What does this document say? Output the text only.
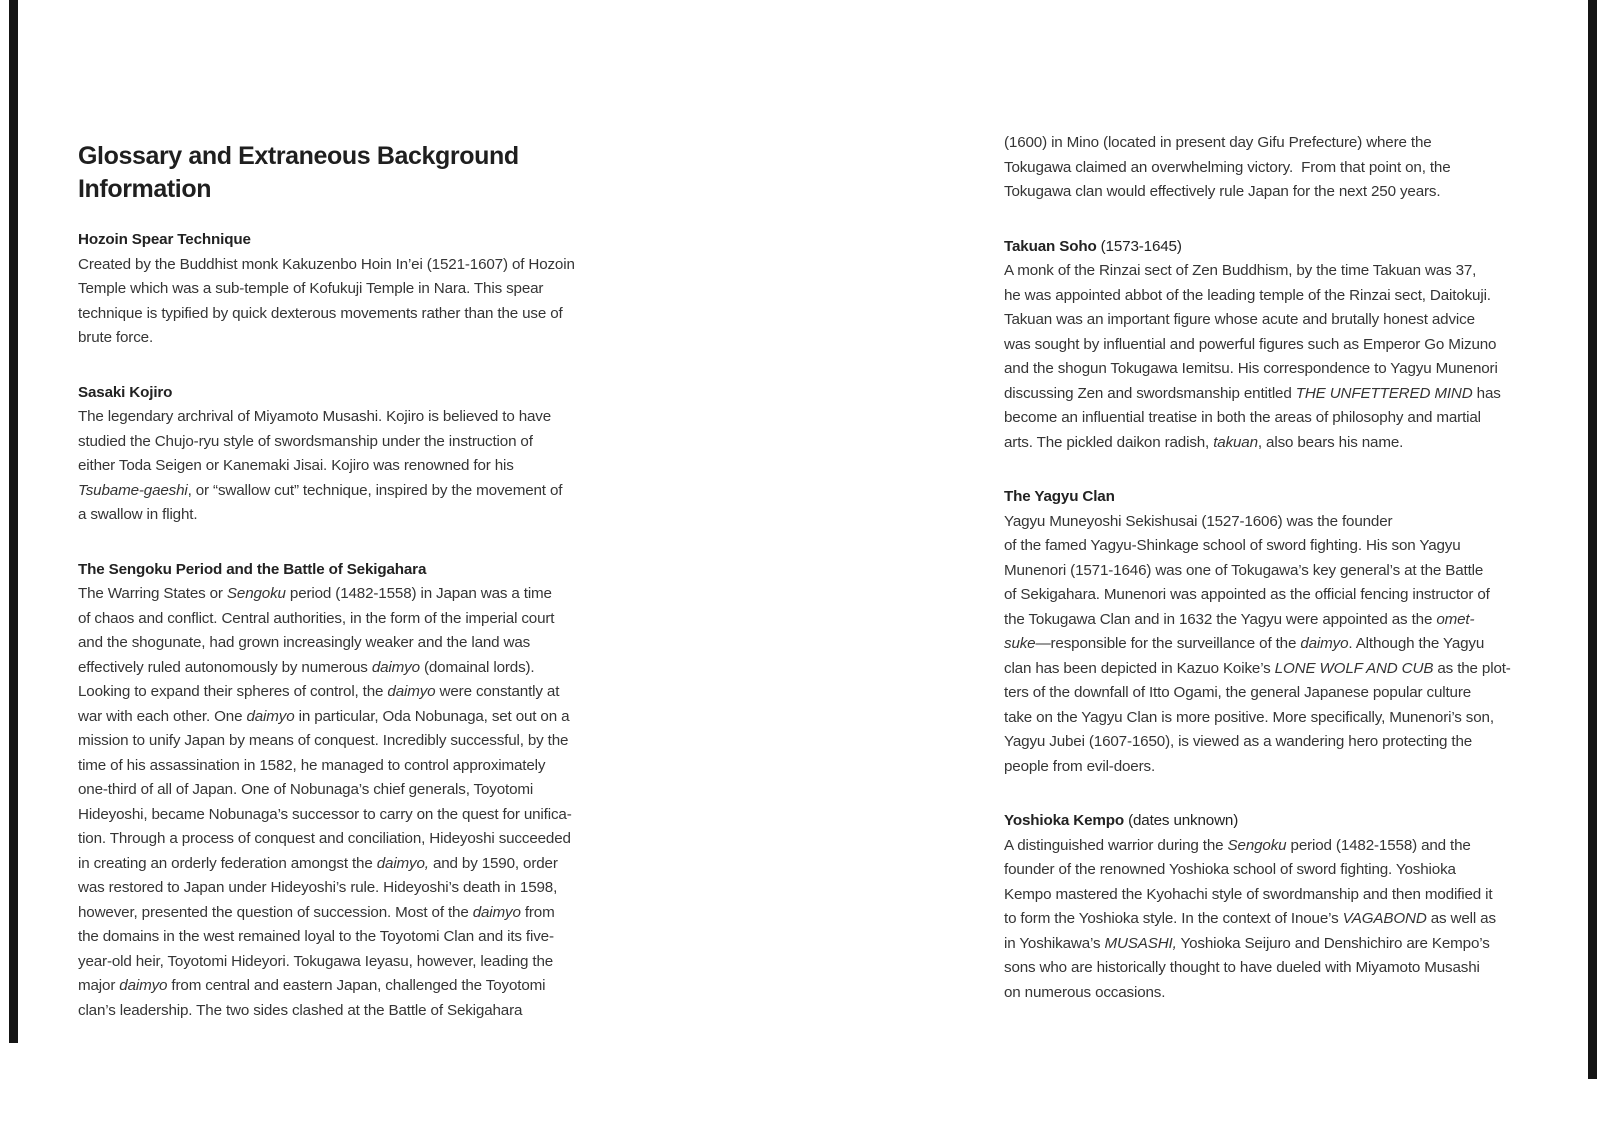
Glossary and Extraneous Background
Information
Hozoin Spear Technique
Created by the Buddhist monk Kakuzenbo Hoin In’ei (1521-1607) of Hozoin
Temple which was a sub-temple of Kofukuji Temple in Nara. This spear
technique is typified by quick dexterous movements rather than the use of
brute force.
Sasaki Kojiro
The legendary archrival of Miyamoto Musashi. Kojiro is believed to have
studied the Chujo-ryu style of swordsmanship under the instruction of
either Toda Seigen or Kanemaki Jisai. Kojiro was renowned for his
Tsubame-gaeshi, or “swallow cut” technique, inspired by the movement of
a swallow in flight.
The Sengoku Period and the Battle of Sekigahara
The Warring States or Sengoku period (1482-1558) in Japan was a time
of chaos and conflict. Central authorities, in the form of the imperial court
and the shogunate, had grown increasingly weaker and the land was
effectively ruled autonomously by numerous daimyo (domainal lords).
Looking to expand their spheres of control, the daimyo were constantly at
war with each other. One daimyo in particular, Oda Nobunaga, set out on a
mission to unify Japan by means of conquest. Incredibly successful, by the
time of his assassination in 1582, he managed to control approximately
one-third of all of Japan. One of Nobunaga’s chief generals, Toyotomi
Hideyoshi, became Nobunaga’s successor to carry on the quest for unifica-
tion. Through a process of conquest and conciliation, Hideyoshi succeeded
in creating an orderly federation amongst the daimyo, and by 1590, order
was restored to Japan under Hideyoshi’s rule. Hideyoshi’s death in 1598,
however, presented the question of succession. Most of the daimyo from
the domains in the west remained loyal to the Toyotomi Clan and its five-
year-old heir, Toyotomi Hideyori. Tokugawa Ieyasu, however, leading the
major daimyo from central and eastern Japan, challenged the Toyotomi
clan’s leadership. The two sides clashed at the Battle of Sekigahara
(1600) in Mino (located in present day Gifu Prefecture) where the
Tokugawa claimed an overwhelming victory.  From that point on, the
Tokugawa clan would effectively rule Japan for the next 250 years.
Takuan Soho (1573-1645)
A monk of the Rinzai sect of Zen Buddhism, by the time Takuan was 37,
he was appointed abbot of the leading temple of the Rinzai sect, Daitokuji.
Takuan was an important figure whose acute and brutally honest advice
was sought by influential and powerful figures such as Emperor Go Mizuno
and the shogun Tokugawa Iemitsu. His correspondence to Yagyu Munenori
discussing Zen and swordsmanship entitled THE UNFETTERED MIND has
become an influential treatise in both the areas of philosophy and martial
arts. The pickled daikon radish, takuan, also bears his name.
The Yagyu Clan
Yagyu Muneyoshi Sekishusai (1527-1606) was the founder
of the famed Yagyu-Shinkage school of sword fighting. His son Yagyu
Munenori (1571-1646) was one of Tokugawa’s key general’s at the Battle
of Sekigahara. Munenori was appointed as the official fencing instructor of
the Tokugawa Clan and in 1632 the Yagyu were appointed as the omet-
suke—responsible for the surveillance of the daimyo. Although the Yagyu
clan has been depicted in Kazuo Koike’s LONE WOLF AND CUB as the plot-
ters of the downfall of Itto Ogami, the general Japanese popular culture
take on the Yagyu Clan is more positive. More specifically, Munenori’s son,
Yagyu Jubei (1607-1650), is viewed as a wandering hero protecting the
people from evil-doers.
Yoshioka Kempo (dates unknown)
A distinguished warrior during the Sengoku period (1482-1558) and the
founder of the renowned Yoshioka school of sword fighting. Yoshioka
Kempo mastered the Kyohachi style of swordmanship and then modified it
to form the Yoshioka style. In the context of Inoue’s VAGABOND as well as
in Yoshikawa’s MUSASHI, Yoshioka Seijuro and Denshichiro are Kempo’s
sons who are historically thought to have dueled with Miyamoto Musashi
on numerous occasions.
